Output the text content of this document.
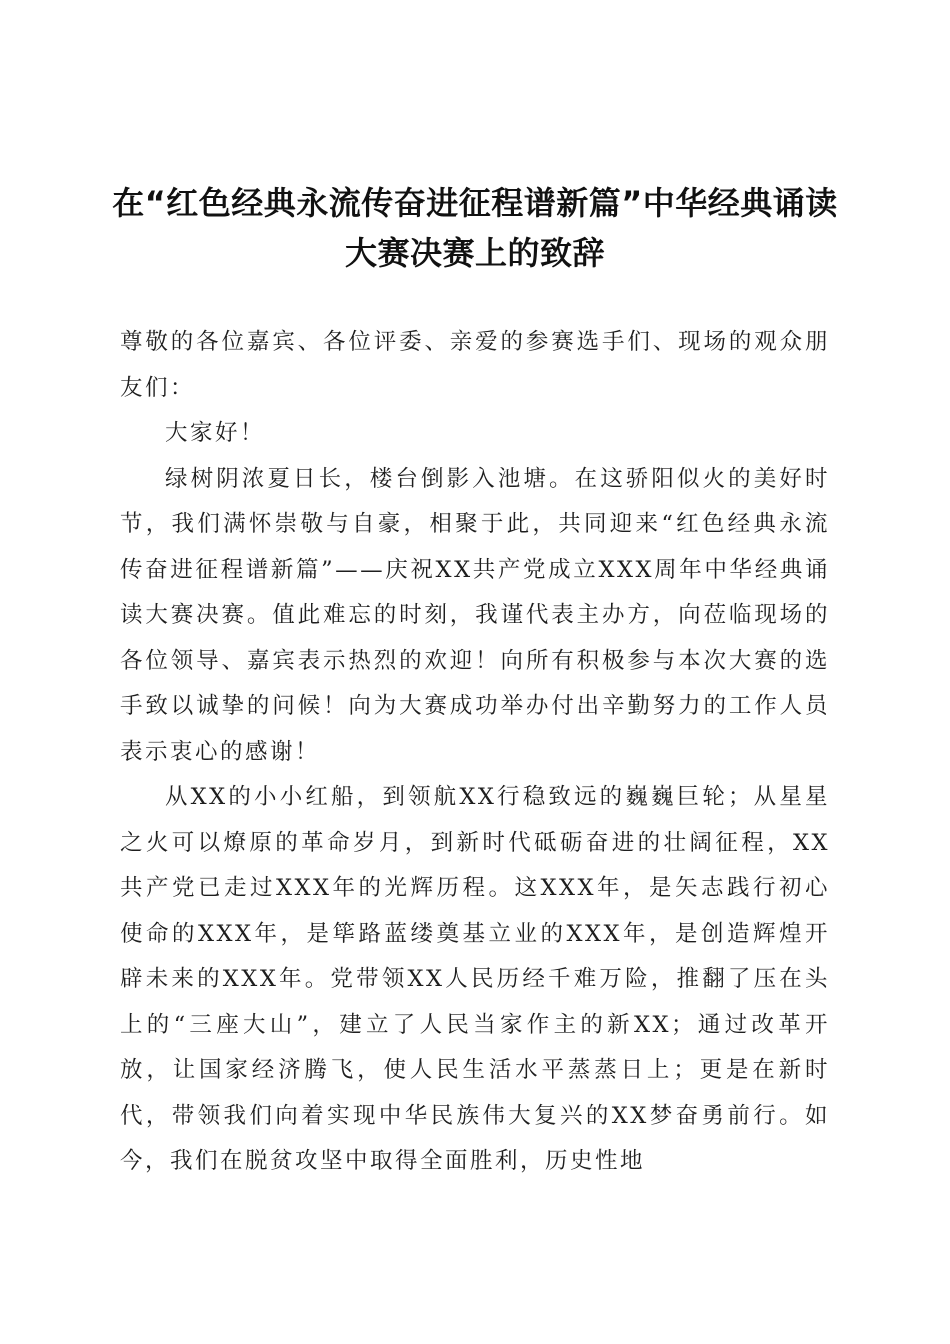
在“红色经典永流传奋进征程谱新篇”中华经典诵读大赛决赛上的致辞

尊敬的各位嘉宾、各位评委、亲爱的参赛选手们、现场的观众朋友们：

大家好！

绿树阴浓夏日长，楼台倒影入池塘。在这骄阳似火的美好时节，我们满怀崇敬与自豪，相聚于此，共同迎来“红色经典永流传奋进征程谱新篇”——庆祝XX共产党成立XXX周年中华经典诵读大赛决赛。值此难忘的时刻，我谨代表主办方，向莅临现场的各位领导、嘉宾表示热烈的欢迎！向所有积极参与本次大赛的选手致以诚挚的问候！向为大赛成功举办付出辛勤努力的工作人员表示衷心的感谢！

从XX的小小红船，到领航XX行稳致远的巍巍巨轮；从星星之火可以燎原的革命岁月，到新时代砥砺奋进的壮阔征程，XX共产党已走过XXX年的光辉历程。这XXX年，是矢志践行初心使命的XXX年，是筚路蓝缕奠基立业的XXX年，是创造辉煌开辟未来的XXX年。党带领XX人民历经千难万险，推翻了压在头上的“三座大山”，建立了人民当家作主的新XX；通过改革开放，让国家经济腾飞，使人民生活水平蒸蒸日上；更是在新时代，带领我们向着实现中华民族伟大复兴的XX梦奋勇前行。如今，我们在脱贫攻坚中取得全面胜利，历史性地
